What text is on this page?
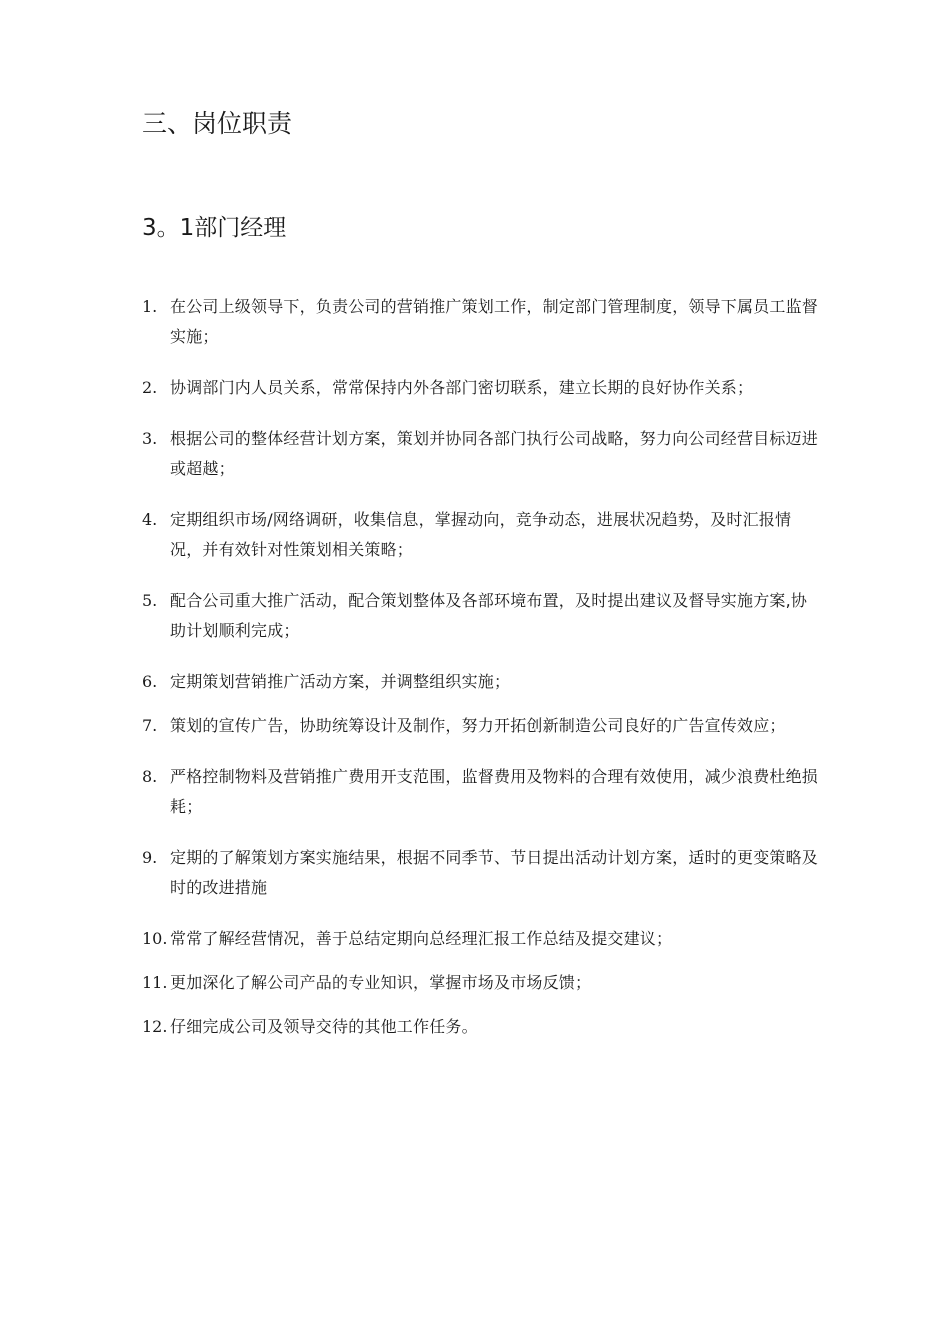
三、岗位职责
3。1部门经理
1. 在公司上级领导下，负责公司的营销推广策划工作，制定部门管理制度，领导下属员工监督实施；
2. 协调部门内人员关系，常常保持内外各部门密切联系，建立长期的良好协作关系；
3. 根据公司的整体经营计划方案，策划并协同各部门执行公司战略，努力向公司经营目标迈进或超越；
4. 定期组织市场/网络调研，收集信息，掌握动向，竞争动态，进展状况趋势，及时汇报情况，并有效针对性策划相关策略；
5. 配合公司重大推广活动，配合策划整体及各部环境布置，及时提出建议及督导实施方案,协助计划顺利完成；
6. 定期策划营销推广活动方案，并调整组织实施；
7. 策划的宣传广告，协助统筹设计及制作，努力开拓创新制造公司良好的广告宣传效应；
8. 严格控制物料及营销推广费用开支范围，监督费用及物料的合理有效使用，减少浪费杜绝损耗；
9. 定期的了解策划方案实施结果，根据不同季节、节日提出活动计划方案，适时的更变策略及时的改进措施
10. 常常了解经营情况，善于总结定期向总经理汇报工作总结及提交建议；
11. 更加深化了解公司产品的专业知识，掌握市场及市场反馈；
12. 仔细完成公司及领导交待的其他工作任务。
